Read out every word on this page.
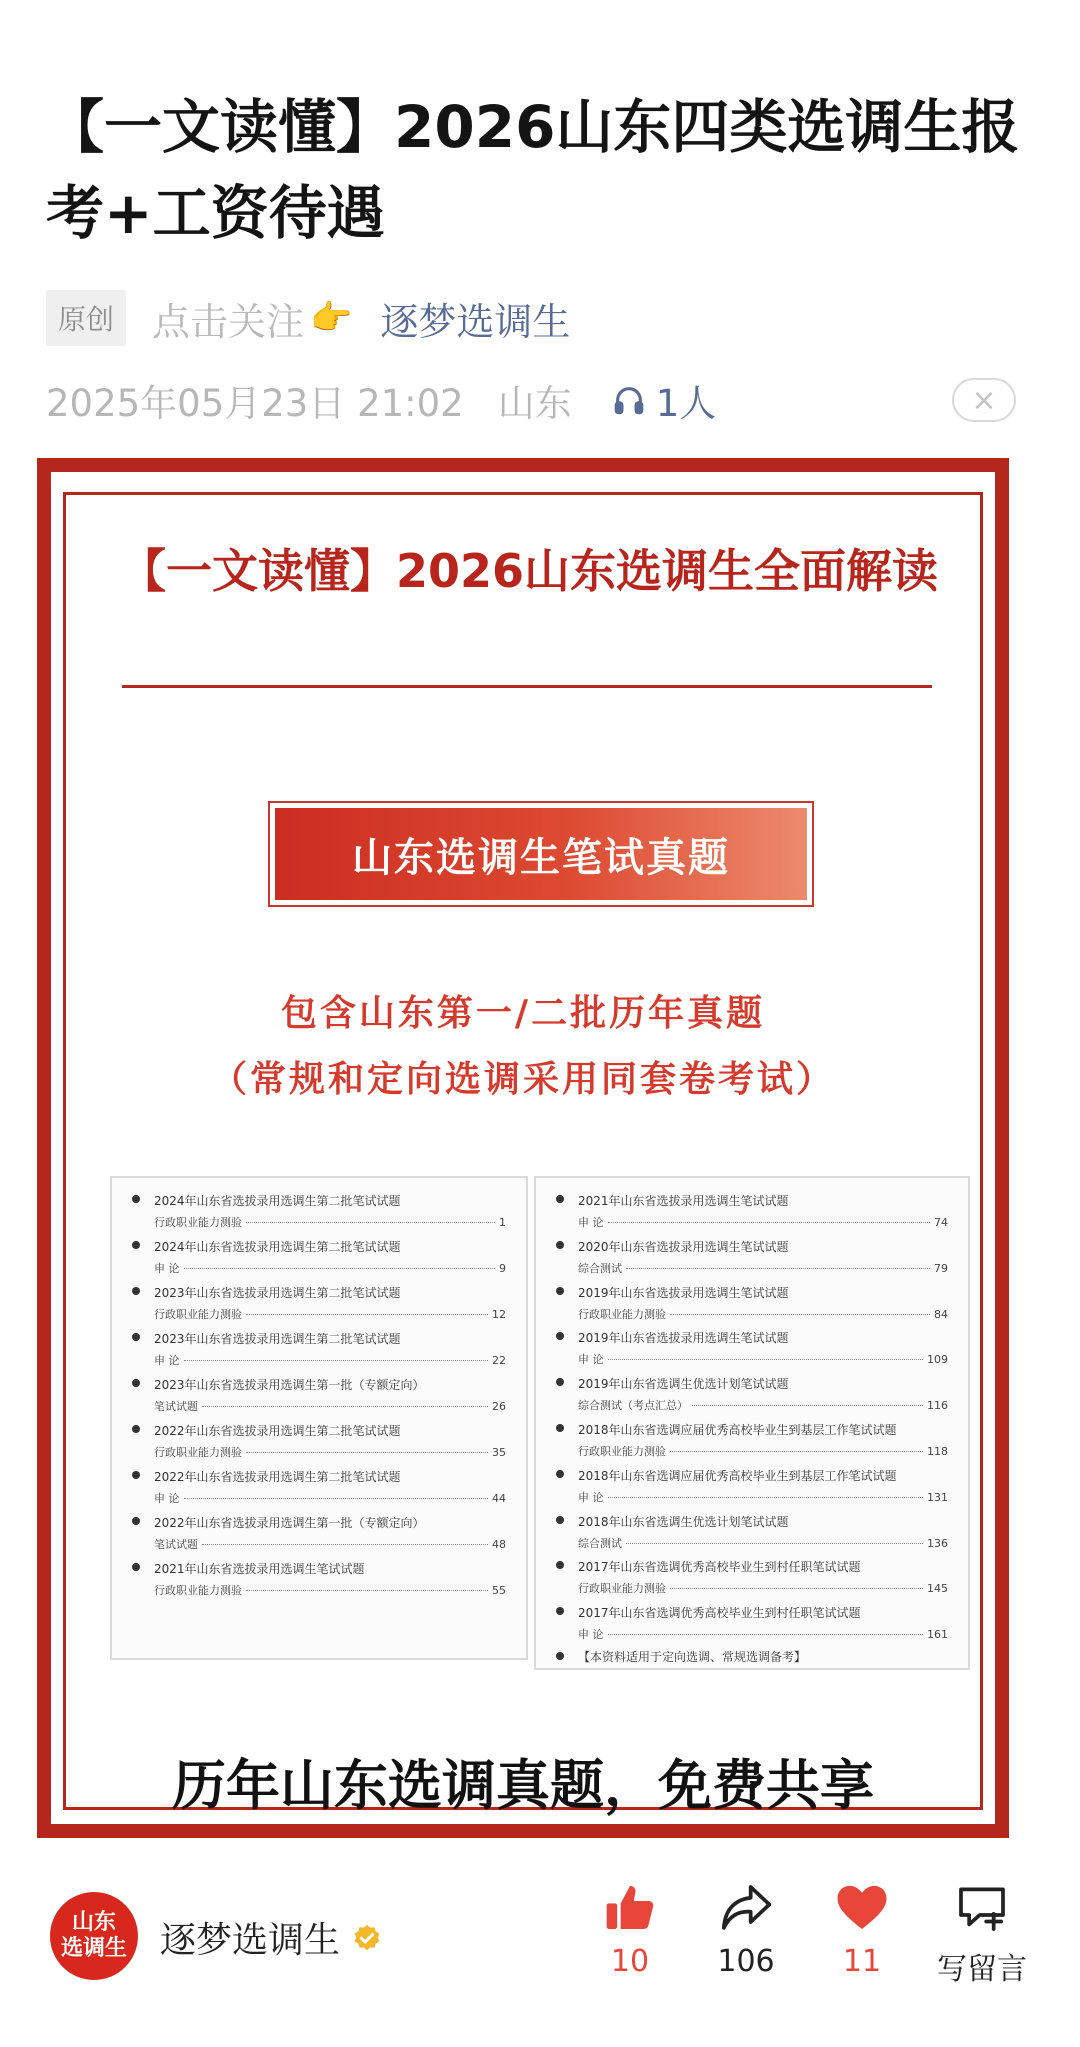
【一文读懂】2026山东四类选调生报考+工资待遇
原创	点击关注 👉 逐梦选调生
2025年05月23日 21:02 山东 1人	×
【一文读懂】2026山东选调生全面解读
山东选调生笔试真题
包含山东第一/二批历年真题
（常规和定向选调采用同套卷考试）
2024年山东省选拔录用选调生第二批笔试试题
行政职业能力测验	1
2024年山东省选拔录用选调生第二批笔试试题
申 论	9
2023年山东省选拔录用选调生第二批笔试试题
行政职业能力测验	12
2023年山东省选拔录用选调生第二批笔试试题
申 论	22
2023年山东省选拔录用选调生第一批（专额定向）
笔试试题	26
2022年山东省选拔录用选调生第二批笔试试题
行政职业能力测验	35
2022年山东省选拔录用选调生第二批笔试试题
申 论	44
2022年山东省选拔录用选调生第一批（专额定向）
笔试试题	48
2021年山东省选拔录用选调生笔试试题
行政职业能力测验	55
2021年山东省选拔录用选调生笔试试题
申 论	74
2020年山东省选拔录用选调生笔试试题
综合测试	79
2019年山东省选拔录用选调生笔试试题
行政职业能力测验	84
2019年山东省选拔录用选调生笔试试题
申 论	109
2019年山东省选调生优选计划笔试试题
综合测试（考点汇总）	116
2018年山东省选调应届优秀高校毕业生到基层工作笔试试题
行政职业能力测验	118
2018年山东省选调应届优秀高校毕业生到基层工作笔试试题
申 论	131
2018年山东省选调生优选计划笔试试题
综合测试	136
2017年山东省选调优秀高校毕业生到村任职笔试试题
行政职业能力测验	145
2017年山东省选调优秀高校毕业生到村任职笔试试题
申 论	161
【本资料适用于定向选调、常规选调备考】
历年山东选调真题，免费共享
山东
选调生 逐梦选调生
10	106	11	写留言
